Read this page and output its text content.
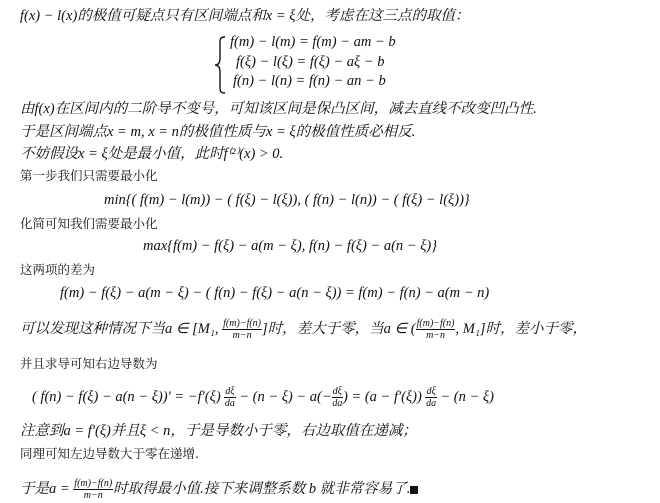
f(x) − l(x)的极值可疑点只有区间端点和x = ξ处，考虑在这三点的取值：
f(m) − l(m) = f(m) − am − b
f(ξ) − l(ξ) = f(ξ) − aξ − b
f(n) − l(n) = f(n) − an − b
由f(x)在区间内的二阶导不变号，可知该区间是保凸区间，减去直线不改变凹凸性.
于是区间端点x = m, x = n的极值性质与x = ξ的极值性质必相反.
不妨假设x = ξ处是最小值，此时f⁽²⁾(x) > 0.
第一步我们只需要最小化
min{( f(m) − l(m)) − ( f(ξ) − l(ξ)), ( f(n) − l(n)) − ( f(ξ) − l(ξ))}
化简可知我们需要最小化
max{f(m) − f(ξ) − a(m − ξ), f(n) − f(ξ) − a(n − ξ)}
这两项的差为
f(m) − f(ξ) − a(m − ξ) − ( f(n) − f(ξ) − a(n − ξ)) = f(m) − f(n) − a(m − n)
可以发现这种情况下当a ∈ [M₁, $\frac{f(m)-f(n)}{m-n}$ ]时，差大于零，当a ∈ ( $\frac{f(m)-f(n)}{m-n}$ , M₁]时，差小于零，
并且求导可知右边导数为
( $f(n) - f(\xi) - a(n - \xi))' = -f'(\xi) \frac{d\xi}{da} - (n - \xi) - a(- \frac{d\xi}{da}$ ) = $(a - f'(\xi)) \frac{d\xi}{da} - (n - \xi)$
注意到a = f′(ξ)并且ξ < n，于是导数小于零，右边取值在递减；
同理可知左边导数大于零在递增.
于是$a = \frac{f(m)-f(n)}{m-n}$ 时取得最小值.接下来调整系数 b 就非常容易了.
